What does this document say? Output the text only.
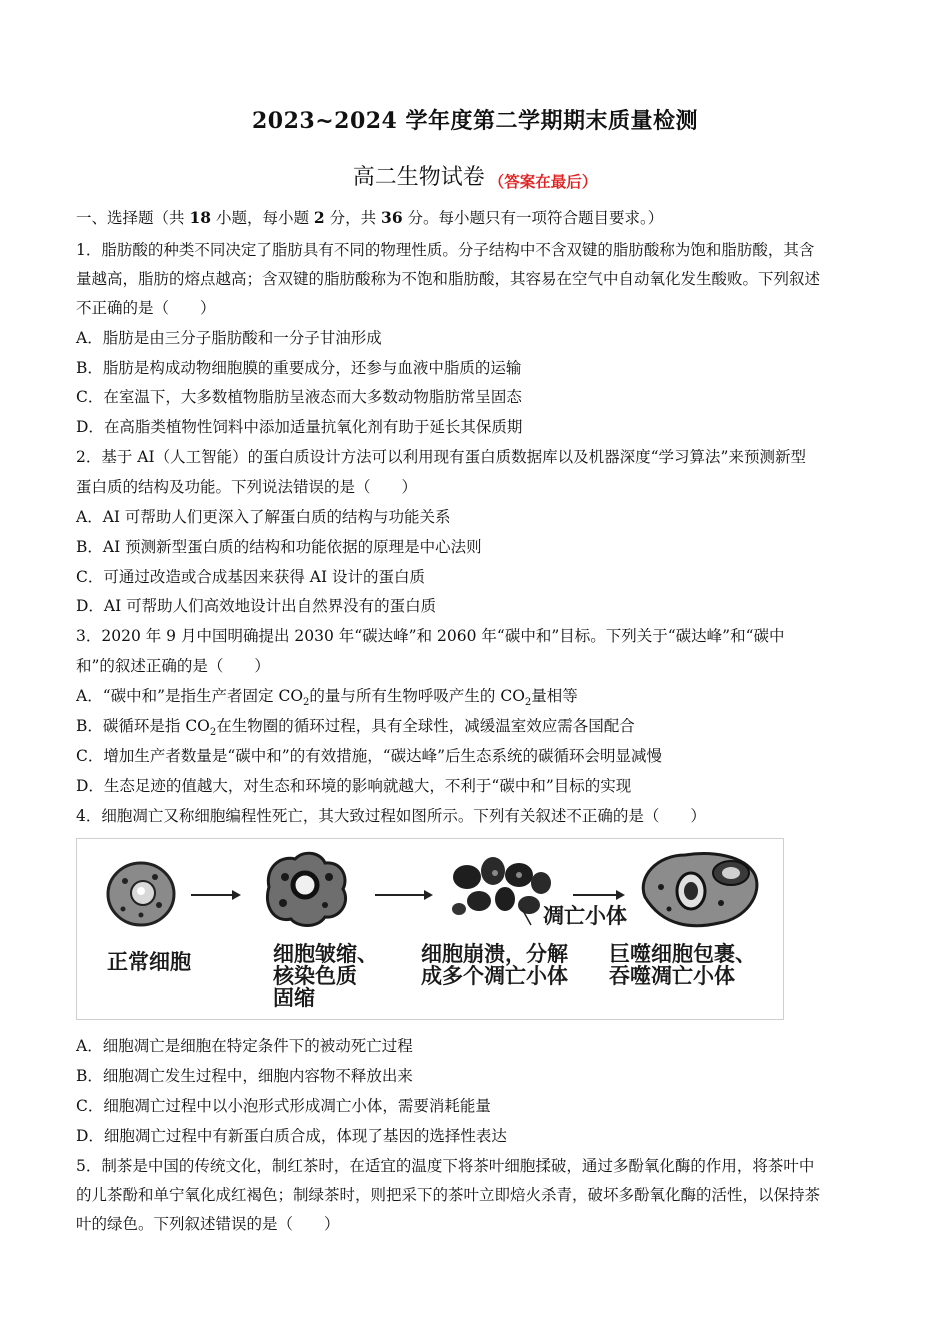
2023~2024 学年度第二学期期末质量检测
高二生物试卷 （答案在最后）
一、选择题（共 18 小题，每小题 2 分，共 36 分。每小题只有一项符合题目要求。）
1．脂肪酸的种类不同决定了脂肪具有不同的物理性质。分子结构中不含双键的脂肪酸称为饱和脂肪酸，其含
量越高，脂肪的熔点越高；含双键的脂肪酸称为不饱和脂肪酸，其容易在空气中自动氧化发生酸败。下列叙述
不正确的是（　　）
A．脂肪是由三分子脂肪酸和一分子甘油形成
B．脂肪是构成动物细胞膜的重要成分，还参与血液中脂质的运输
C．在室温下，大多数植物脂肪呈液态而大多数动物脂肪常呈固态
D．在高脂类植物性饲料中添加适量抗氧化剂有助于延长其保质期
2．基于 AI（人工智能）的蛋白质设计方法可以利用现有蛋白质数据库以及机器深度“学习算法”来预测新型
蛋白质的结构及功能。下列说法错误的是（　　）
A．AI 可帮助人们更深入了解蛋白质的结构与功能关系
B．AI 预测新型蛋白质的结构和功能依据的原理是中心法则
C．可通过改造或合成基因来获得 AI 设计的蛋白质
D．AI 可帮助人们高效地设计出自然界没有的蛋白质
3．2020 年 9 月中国明确提出 2030 年“碳达峰”和 2060 年“碳中和”目标。下列关于“碳达峰”和“碳中
和”的叙述正确的是（　　）
A．“碳中和”是指生产者固定 $CO_2$的量与所有生物呼吸产生的 $CO_2$量相等
B．碳循环是指 $CO_2$在生物圈的循环过程，具有全球性，减缓温室效应需各国配合
C．增加生产者数量是“碳中和”的有效措施，“碳达峰”后生态系统的碳循环会明显减慢
D．生态足迹的值越大，对生态和环境的影响就越大，不利于“碳中和”目标的实现
4．细胞凋亡又称细胞编程性死亡，其大致过程如图所示。下列有关叙述不正确的是（　　）
正常细胞	细胞皱缩、
核染色质
固缩
凋亡小体
细胞崩溃，分解
成多个凋亡小体
巨噬细胞包裹、
吞噬凋亡小体
A．细胞凋亡是细胞在特定条件下的被动死亡过程
B．细胞凋亡发生过程中，细胞内容物不释放出来
C．细胞凋亡过程中以小泡形式形成凋亡小体，需要消耗能量
D．细胞凋亡过程中有新蛋白质合成，体现了基因的选择性表达
5．制茶是中国的传统文化，制红茶时，在适宜的温度下将茶叶细胞揉破，通过多酚氧化酶的作用，将茶叶中
的儿茶酚和单宁氧化成红褐色；制绿茶时，则把采下的茶叶立即焙火杀青，破坏多酚氧化酶的活性，以保持茶
叶的绿色。下列叙述错误的是（　　）
